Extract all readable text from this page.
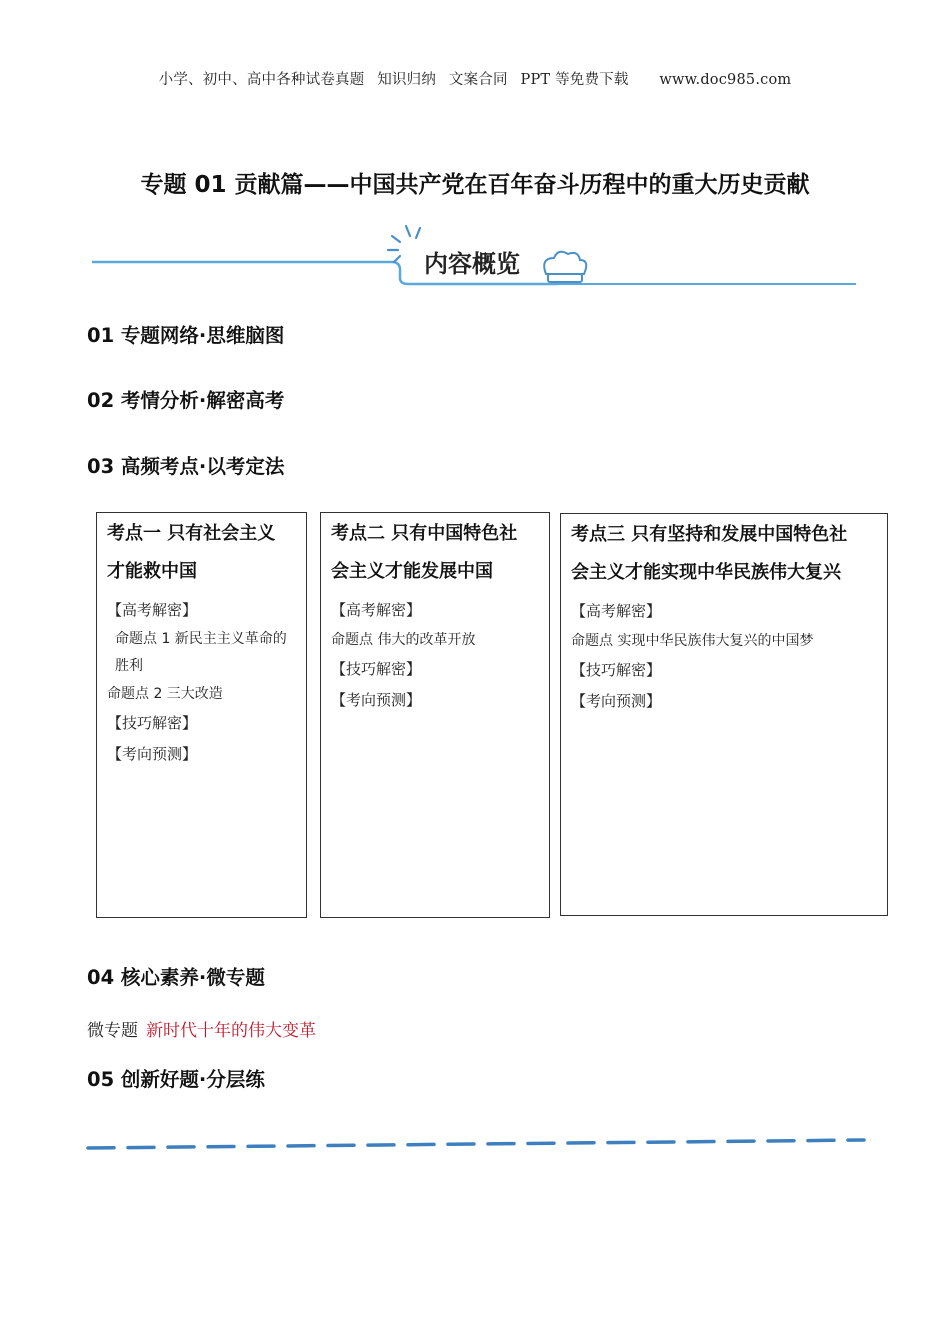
小学、初中、高中各种试卷真题 知识归纳 文案合同 PPT 等免费下载 www.doc985.com
专题 01 贡献篇——中国共产党在百年奋斗历程中的重大历史贡献
内容概览
01 专题网络·思维脑图
02 考情分析·解密高考
03 高频考点·以考定法
考点一 只有社会主义
才能救中国
【高考解密】
命题点 1 新民主主义革命的胜利
命题点 2 三大改造
【技巧解密】
【考向预测】
考点二 只有中国特色社
会主义才能发展中国
【高考解密】
命题点 伟大的改革开放
【技巧解密】
【考向预测】
考点三 只有坚持和发展中国特色社
会主义才能实现中华民族伟大复兴
【高考解密】
命题点 实现中华民族伟大复兴的中国梦
【技巧解密】
【考向预测】
04 核心素养·微专题
微专题 新时代十年的伟大变革
05 创新好题·分层练
